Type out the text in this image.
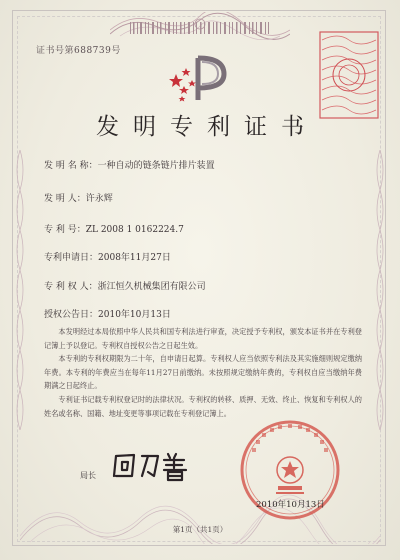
证书号第688739号
发明专利证书
发 明 名 称：一种自动的链条链片排片装置
发 明 人：许永辉
专 利 号：ZL 2008 1 0162224.7
专利申请日：2008年11月27日
专 利 权 人：浙江恒久机械集团有限公司
授权公告日：2010年10月13日

本发明经过本局依照中华人民共和国专利法进行审查，决定授予专利权，颁发本证书并在专利登记簿上予以登记。专利权自授权公告之日起生效。

本专利的专利权期限为二十年，自申请日起算。专利权人应当依照专利法及其实施细则规定缴纳年费。本专利的年费应当在每年11月27日前缴纳。未按照规定缴纳年费的，专利权自应当缴纳年费期满之日起终止。

专利证书记载专利权登记时的法律状况。专利权的转移、质押、无效、终止、恢复和专利权人的姓名或名称、国籍、地址变更等事项记载在专利登记簿上。

局长
2010年10月13日
第1页（共1页）
